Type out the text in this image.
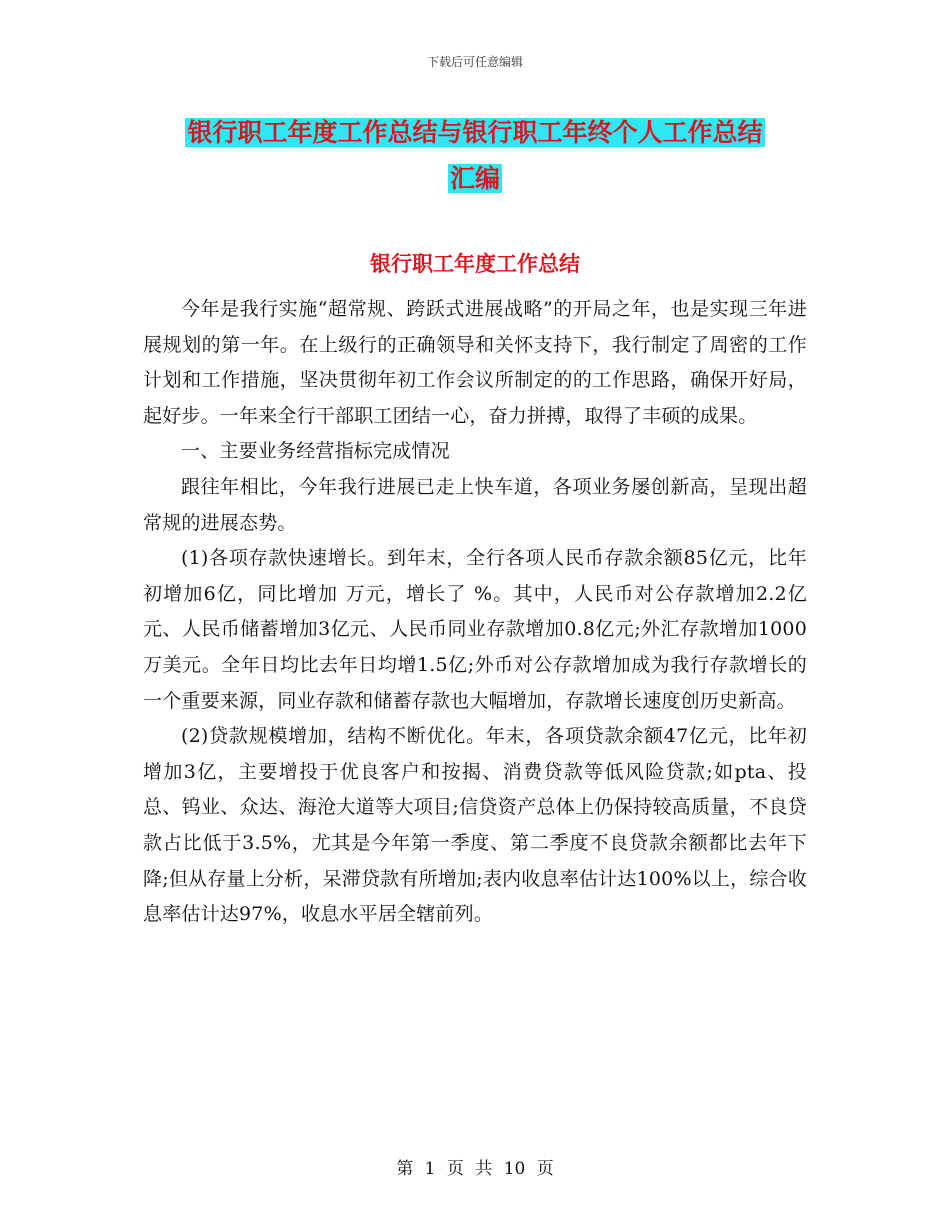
下载后可任意编辑
银行职工年度工作总结与银行职工年终个人工作总结
汇编
银行职工年度工作总结

今年是我行实施“超常规、跨跃式进展战略”的开局之年，也是实现三年进展规划的第一年。在上级行的正确领导和关怀支持下，我行制定了周密的工作计划和工作措施，坚决贯彻年初工作会议所制定的的工作思路，确保开好局，起好步。一年来全行干部职工团结一心，奋力拼搏，取得了丰硕的成果。

一、主要业务经营指标完成情况

跟往年相比，今年我行进展已走上快车道，各项业务屡创新高，呈现出超常规的进展态势。

(1)各项存款快速增长。到年末，全行各项人民币存款余额85亿元，比年初增加6亿，同比增加 万元，增长了 %。其中，人民币对公存款增加2.2亿元、人民币储蓄增加3亿元、人民币同业存款增加0.8亿元;外汇存款增加1000万美元。全年日均比去年日均增1.5亿;外币对公存款增加成为我行存款增长的一个重要来源，同业存款和储蓄存款也大幅增加，存款增长速度创历史新高。

(2)贷款规模增加，结构不断优化。年末，各项贷款余额47亿元，比年初增加3亿，主要增投于优良客户和按揭、消费贷款等低风险贷款;如pta、投总、钨业、众达、海沧大道等大项目;信贷资产总体上仍保持较高质量，不良贷款占比低于3.5%，尤其是今年第一季度、第二季度不良贷款余额都比去年下降;但从存量上分析，呆滞贷款有所增加;表内收息率估计达100%以上，综合收息率估计达97%，收息水平居全辖前列。

第 1 页 共 10 页
